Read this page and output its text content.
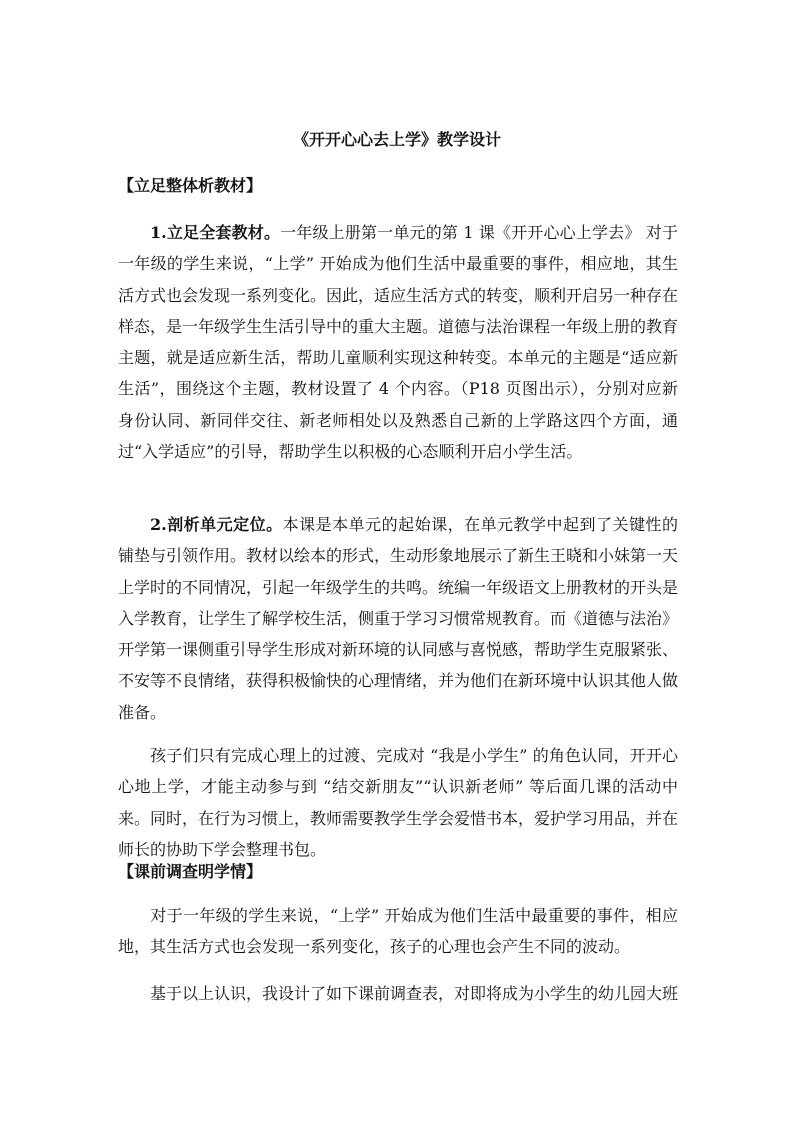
《开开心心去上学》教学设计
【立足整体析教材】
1.立足全套教材。一年级上册第一单元的第 1 课《开开心心上学去》 对于一年级的学生来说，“上学” 开始成为他们生活中最重要的事件，相应地，其生活方式也会发现一系列变化。因此，适应生活方式的转变，顺利开启另一种存在样态，是一年级学生生活引导中的重大主题。道德与法治课程一年级上册的教育主题，就是适应新生活，帮助儿童顺利实现这种转变。本单元的主题是“适应新生活”，围绕这个主题，教材设置了 4 个内容。（P18 页图出示），分别对应新身份认同、新同伴交往、新老师相处以及熟悉自己新的上学路这四个方面，通过“入学适应”的引导，帮助学生以积极的心态顺利开启小学生活。
2.剖析单元定位。本课是本单元的起始课，在单元教学中起到了关键性的铺垫与引领作用。教材以绘本的形式，生动形象地展示了新生王晓和小妹第一天上学时的不同情况，引起一年级学生的共鸣。统编一年级语文上册教材的开头是入学教育，让学生了解学校生活，侧重于学习习惯常规教育。而《道德与法治》开学第一课侧重引导学生形成对新环境的认同感与喜悦感，帮助学生克服紧张、不安等不良情绪，获得积极愉快的心理情绪，并为他们在新环境中认识其他人做准备。
孩子们只有完成心理上的过渡、完成对 “我是小学生” 的角色认同，开开心心地上学，才能主动参与到 “结交新朋友”“认识新老师” 等后面几课的活动中来。同时，在行为习惯上，教师需要教学生学会爱惜书本，爱护学习用品，并在师长的协助下学会整理书包。
【课前调查明学情】
对于一年级的学生来说，“上学” 开始成为他们生活中最重要的事件，相应地，其生活方式也会发现一系列变化，孩子的心理也会产生不同的波动。
基于以上认识，我设计了如下课前调查表，对即将成为小学生的幼儿园大班
